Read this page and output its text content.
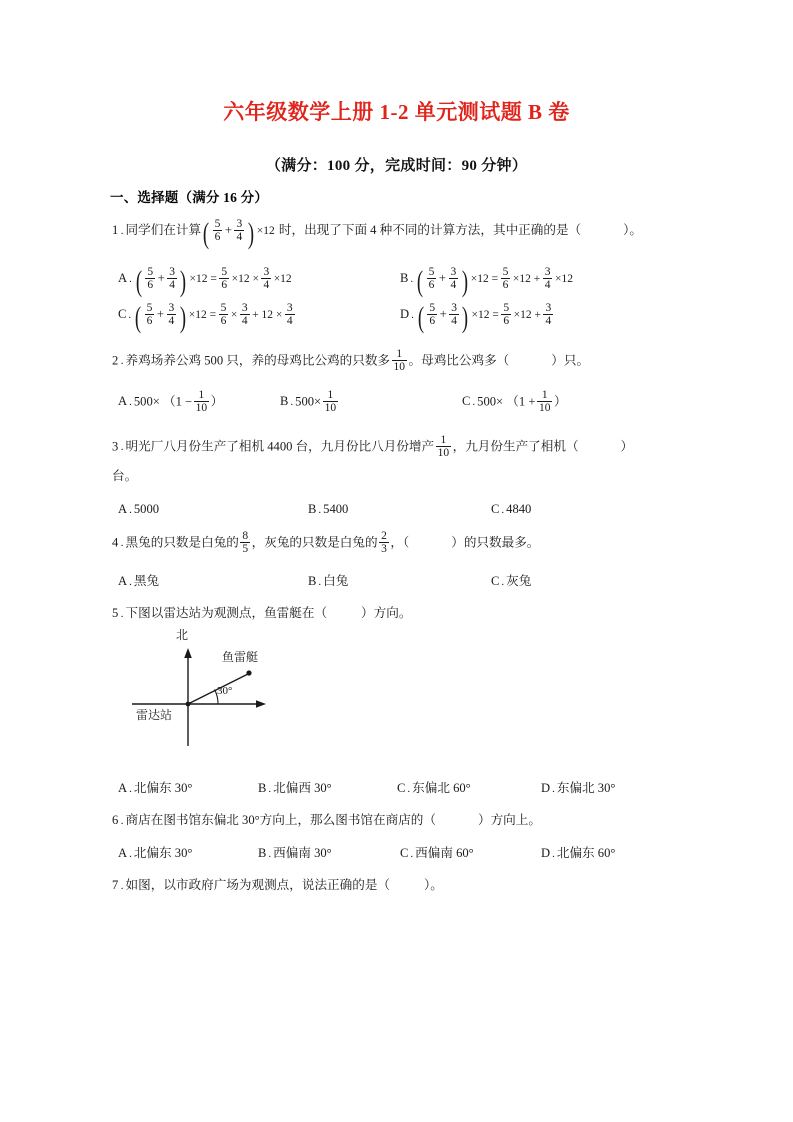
六年级数学上册 1-2 单元测试题 B 卷
（满分：100 分，完成时间：90 分钟）
一、选择题（满分 16 分）
1 . 同学们在计算( $\frac{5}{6} + \frac{3}{4}$ ) ×12 时，出现了下面 4 种不同的计算方法，其中正确的是（	）。
A . ( $\frac{5}{6} + \frac{3}{4}$ ) $\times 12 = \frac{5}{6} \times 12 \times \frac{3}{4} \times 12$	B . ( $\frac{5}{6} + \frac{3}{4}$ ) $\times 12 = \frac{5}{6} \times 12 + \frac{3}{4} \times 12$
C . ( $\frac{5}{6} + \frac{3}{4}$ ) $\times 12 = \frac{5}{6} \times \frac{3}{4} + 12 \times \frac{3}{4}$	D . ( $\frac{5}{6} + \frac{3}{4}$ ) $\times 12 = \frac{5}{6} \times 12 + \frac{3}{4}$
2 . 养鸡场养公鸡 500 只，养的母鸡比公鸡的只数多 $\frac{1}{10}$ 。母鸡比公鸡多（	）只。
A . $500\times (1 - \frac{1}{10}$ ）	B . $500\times \frac{1}{10}$	C . $500\times (1 + \frac{1}{10}$ ）
3 . 明光厂八月份生产了相机 4400 台，九月份比八月份增产 $\frac{1}{10}$ ，九月份生产了相机（	）
台。
A . 5000	B . 5400	C . 4840
4 . 黑兔的只数是白兔的 $\frac{8}{5}$ ，灰兔的只数是白兔的 $\frac{2}{3}$ ，（	）的只数最多。
A . 黑兔	B . 白兔	C . 灰兔
5 . 下图以雷达站为观测点，鱼雷艇在（	）方向。
北
鱼雷艇
雷达站
30°
A . 北偏东 30°	B . 北偏西 30°	C . 东偏北 60°	D . 东偏北 30°
6 . 商店在图书馆东偏北 30°方向上，那么图书馆在商店的（	）方向上。
A . 北偏东 30°	B . 西偏南 30°	C . 西偏南 60°	D . 北偏东 60°
7 . 如图，以市政府广场为观测点，说法正确的是（	）。
